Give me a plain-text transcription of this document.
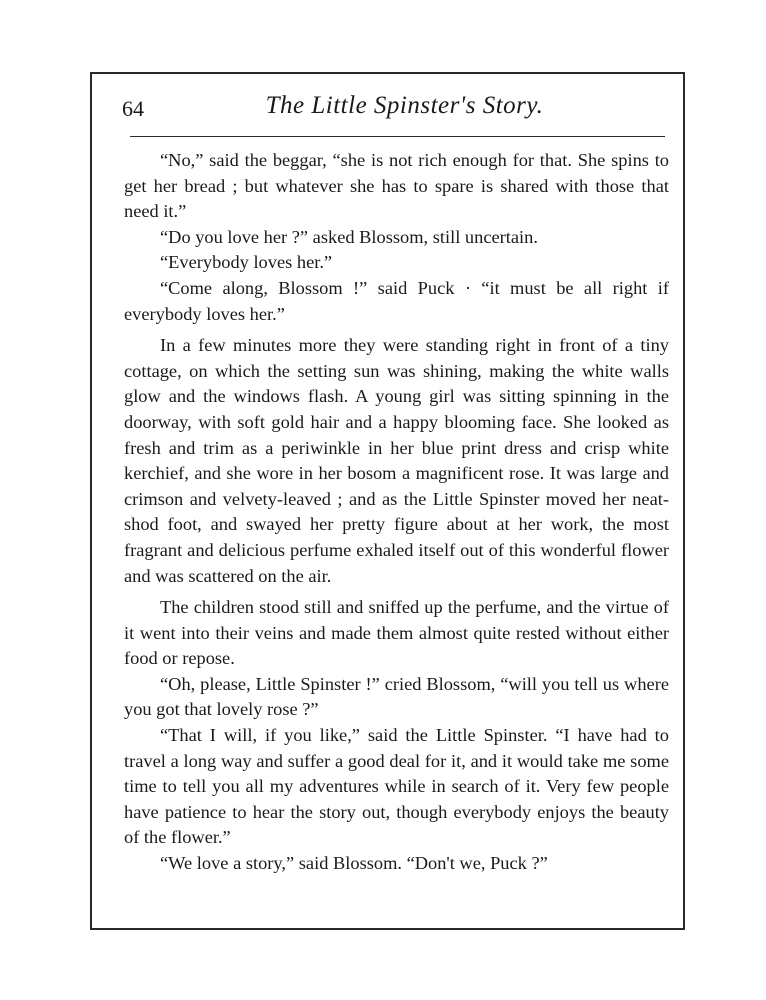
64	The Little Spinster's Story.

“No,” said the beggar, “she is not rich enough for that. She spins to get her bread ; but whatever she has to spare is shared with those that need it.”

“Do you love her ?” asked Blossom, still uncertain.

“Everybody loves her.”

“Come along, Blossom !” said Puck · “it must be all right if everybody loves her.”

In a few minutes more they were standing right in front of a tiny cottage, on which the setting sun was shining, making the white walls glow and the windows flash. A young girl was sitting spinning in the doorway, with soft gold hair and a happy blooming face. She looked as fresh and trim as a periwinkle in her blue print dress and crisp white kerchief, and she wore in her bosom a magnificent rose. It was large and crimson and velvety-leaved ; and as the Little Spinster moved her neat-shod foot, and swayed her pretty figure about at her work, the most fragrant and delicious perfume exhaled itself out of this wonderful flower and was scattered on the air.

The children stood still and sniffed up the perfume, and the virtue of it went into their veins and made them almost quite rested without either food or repose.

“Oh, please, Little Spinster !” cried Blossom, “will you tell us where you got that lovely rose ?”

“That I will, if you like,” said the Little Spinster. “I have had to travel a long way and suffer a good deal for it, and it would take me some time to tell you all my adventures while in search of it. Very few people have patience to hear the story out, though everybody enjoys the beauty of the flower.”

“We love a story,” said Blossom. “Don't we, Puck ?”
